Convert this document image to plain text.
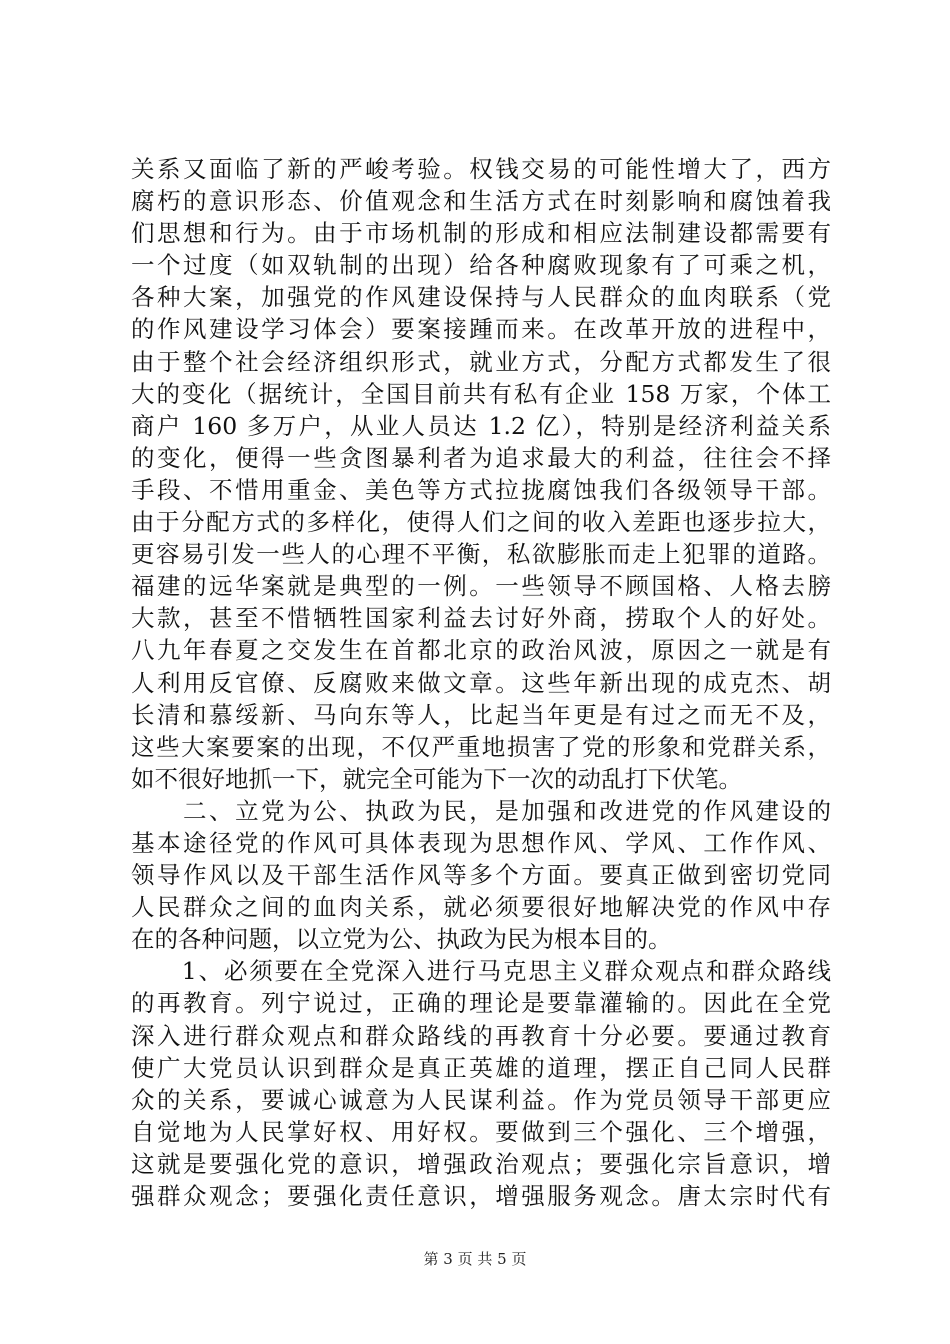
关系又面临了新的严峻考验。权钱交易的可能性增大了，西方
腐朽的意识形态、价值观念和生活方式在时刻影响和腐蚀着我
们思想和行为。由于市场机制的形成和相应法制建设都需要有
一个过度（如双轨制的出现）给各种腐败现象有了可乘之机，
各种大案，加强党的作风建设保持与人民群众的血肉联系（党
的作风建设学习体会）要案接踵而来。在改革开放的进程中，
由于整个社会经济组织形式，就业方式，分配方式都发生了很
大的变化（据统计，全国目前共有私有企业 158 万家，个体工
商户 160 多万户，从业人员达 1.2 亿），特别是经济利益关系
的变化，便得一些贪图暴利者为追求最大的利益，往往会不择
手段、不惜用重金、美色等方式拉拢腐蚀我们各级领导干部。
由于分配方式的多样化，使得人们之间的收入差距也逐步拉大，
更容易引发一些人的心理不平衡，私欲膨胀而走上犯罪的道路。
福建的远华案就是典型的一例。一些领导不顾国格、人格去膀
大款，甚至不惜牺牲国家利益去讨好外商，捞取个人的好处。
八九年春夏之交发生在首都北京的政治风波，原因之一就是有
人利用反官僚、反腐败来做文章。这些年新出现的成克杰、胡
长清和慕绥新、马向东等人，比起当年更是有过之而无不及，
这些大案要案的出现，不仅严重地损害了党的形象和党群关系，
如不很好地抓一下，就完全可能为下一次的动乱打下伏笔。
　　二、立党为公、执政为民，是加强和改进党的作风建设的
基本途径党的作风可具体表现为思想作风、学风、工作作风、
领导作风以及干部生活作风等多个方面。要真正做到密切党同
人民群众之间的血肉关系，就必须要很好地解决党的作风中存
在的各种问题，以立党为公、执政为民为根本目的。
　　1、必须要在全党深入进行马克思主义群众观点和群众路线
的再教育。列宁说过，正确的理论是要靠灌输的。因此在全党
深入进行群众观点和群众路线的再教育十分必要。要通过教育
使广大党员认识到群众是真正英雄的道理，摆正自己同人民群
众的关系，要诚心诚意为人民谋利益。作为党员领导干部更应
自觉地为人民掌好权、用好权。要做到三个强化、三个增强，
这就是要强化党的意识，增强政治观点；要强化宗旨意识，增
强群众观念；要强化责任意识，增强服务观念。唐太宗时代有
第 3 页 共 5 页
